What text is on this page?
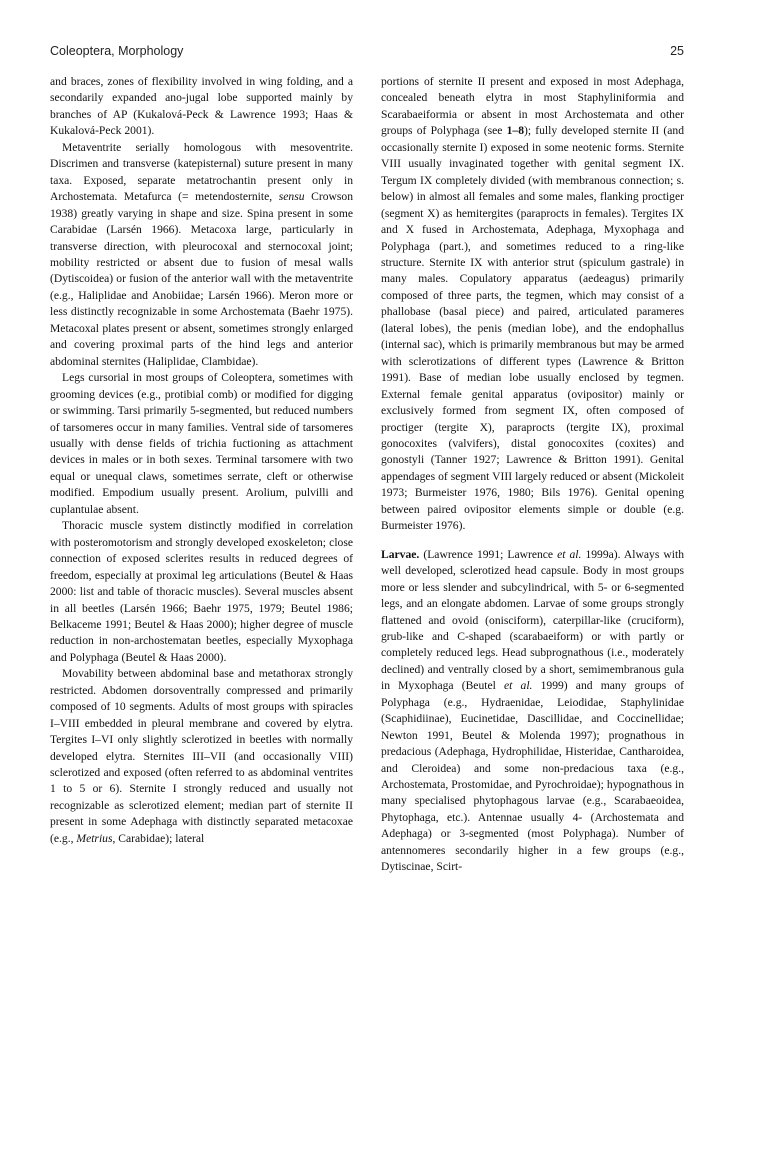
Coleoptera, Morphology	25

and braces, zones of flexibility involved in wing folding, and a secondarily expanded ano-jugal lobe supported mainly by branches of AP (Kukalová-Peck & Lawrence 1993; Haas & Kukalová-Peck 2001).

Metaventrite serially homologous with mesoventrite. Discrimen and transverse (katepisternal) suture present in many taxa. Exposed, separate metatrochantin present only in Archostemata. Metafurca (= metendosternite, sensu Crowson 1938) greatly varying in shape and size. Spina present in some Carabidae (Larsén 1966). Metacoxa large, particularly in transverse direction, with pleurocoxal and sternocoxal joint; mobility restricted or absent due to fusion of mesal walls (Dytiscoidea) or fusion of the anterior wall with the metaventrite (e.g., Haliplidae and Anobiidae; Larsén 1966). Meron more or less distinctly recognizable in some Archostemata (Baehr 1975). Metacoxal plates present or absent, sometimes strongly enlarged and covering proximal parts of the hind legs and anterior abdominal sternites (Haliplidae, Clambidae).

Legs cursorial in most groups of Coleoptera, sometimes with grooming devices (e.g., protibial comb) or modified for digging or swimming. Tarsi primarily 5-segmented, but reduced numbers of tarsomeres occur in many families. Ventral side of tarsomeres usually with dense fields of trichia fuctioning as attachment devices in males or in both sexes. Terminal tarsomere with two equal or unequal claws, sometimes serrate, cleft or otherwise modified. Empodium usually present. Arolium, pulvilli and cuplantulae absent.

Thoracic muscle system distinctly modified in correlation with posteromotorism and strongly developed exoskeleton; close connection of exposed sclerites results in reduced degrees of freedom, especially at proximal leg articulations (Beutel & Haas 2000: list and table of thoracic muscles). Several muscles absent in all beetles (Larsén 1966; Baehr 1975, 1979; Beutel 1986; Belkaceme 1991; Beutel & Haas 2000); higher degree of muscle reduction in non-archostematan beetles, especially Myxophaga and Polyphaga (Beutel & Haas 2000).

Movability between abdominal base and metathorax strongly restricted. Abdomen dorsoventrally compressed and primarily composed of 10 segments. Adults of most groups with spiracles I–VIII embedded in pleural membrane and covered by elytra. Tergites I–VI only slightly sclerotized in beetles with normally developed elytra. Sternites III–VII (and occasionally VIII) sclerotized and exposed (often referred to as abdominal ventrites 1 to 5 or 6). Sternite I strongly reduced and usually not recognizable as sclerotized element; median part of sternite II present in some Adephaga with distinctly separated metacoxae (e.g., Metrius, Carabidae); lateral

portions of sternite II present and exposed in most Adephaga, concealed beneath elytra in most Staphyliniformia and Scarabaeiformia or absent in most Archostemata and other groups of Polyphaga (see 1–8); fully developed sternite II (and occasionally sternite I) exposed in some neotenic forms. Sternite VIII usually invaginated together with genital segment IX. Tergum IX completely divided (with membranous connection; s. below) in almost all females and some males, flanking proctiger (segment X) as hemitergites (paraprocts in females). Tergites IX and X fused in Archostemata, Adephaga, Myxophaga and Polyphaga (part.), and sometimes reduced to a ring-like structure. Sternite IX with anterior strut (spiculum gastrale) in many males. Copulatory apparatus (aedeagus) primarily composed of three parts, the tegmen, which may consist of a phallobase (basal piece) and paired, articulated parameres (lateral lobes), the penis (median lobe), and the endophallus (internal sac), which is primarily membranous but may be armed with sclerotizations of different types (Lawrence & Britton 1991). Base of median lobe usually enclosed by tegmen. External female genital apparatus (ovipositor) mainly or exclusively formed from segment IX, often composed of proctiger (tergite X), paraprocts (tergite IX), proximal gonocoxites (valvifers), distal gonocoxites (coxites) and gonostyli (Tanner 1927; Lawrence & Britton 1991). Genital appendages of segment VIII largely reduced or absent (Mickoleit 1973; Burmeister 1976, 1980; Bils 1976). Genital opening between paired ovipositor elements simple or double (e.g. Burmeister 1976).

Larvae. (Lawrence 1991; Lawrence et al. 1999a). Always with well developed, sclerotized head capsule. Body in most groups more or less slender and subcylindrical, with 5- or 6-segmented legs, and an elongate abdomen. Larvae of some groups strongly flattened and ovoid (onisciform), caterpillar-like (cruciform), grub-like and C-shaped (scarabaeiform) or with partly or completely reduced legs. Head subprognathous (i.e., moderately declined) and ventrally closed by a short, semimembranous gula in Myxophaga (Beutel et al. 1999) and many groups of Polyphaga (e.g., Hydraenidae, Leiodidae, Staphylinidae (Scaphidiinae), Eucinetidae, Dascillidae, and Coccinellidae; Newton 1991, Beutel & Molenda 1997); prognathous in predacious (Adephaga, Hydrophilidae, Histeridae, Cantharoidea, and Cleroidea) and some non-predacious taxa (e.g., Archostemata, Prostomidae, and Pyrochroidae); hypognathous in many specialised phytophagous larvae (e.g., Scarabaeoidea, Phytophaga, etc.). Antennae usually 4- (Archostemata and Adephaga) or 3-segmented (most Polyphaga). Number of antennomeres secondarily higher in a few groups (e.g., Dytiscinae, Scirt-
